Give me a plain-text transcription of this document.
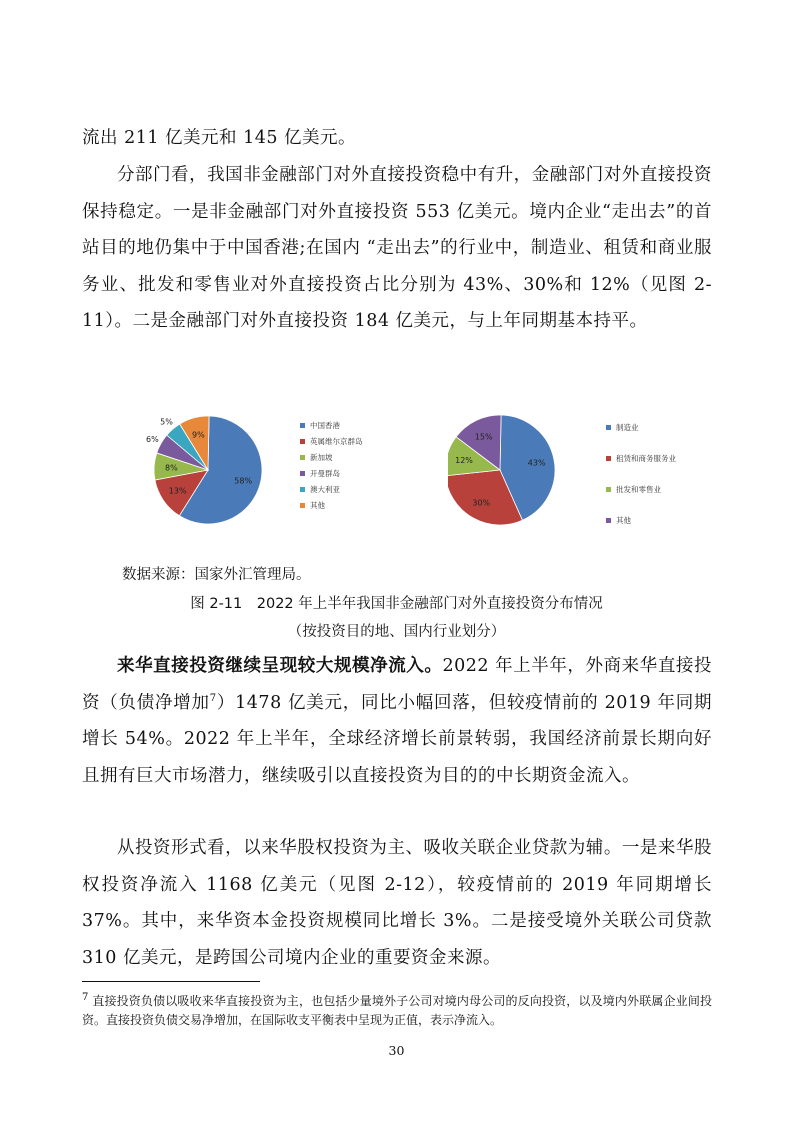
流出 211 亿美元和 145 亿美元。

分部门看，我国非金融部门对外直接投资稳中有升，金融部门对外直接投资保持稳定。一是非金融部门对外直接投资 553 亿美元。境内企业“走出去”的首站目的地仍集中于中国香港;在国内 “走出去”的行业中，制造业、租赁和商业服务业、批发和零售业对外直接投资占比分别为 43%、30%和 12%（见图 2-11）。二是金融部门对外直接投资 184 亿美元，与上年同期基本持平。

58%
13%
8%
6%
5%
9%
中国香港
英属维尔京群岛
新加坡
开曼群岛
澳大利亚
其他
43%
30%
12%
15%
制造业
租赁和商务服务业
批发和零售业
其他

数据来源：国家外汇管理局。

图 2-11　2022 年上半年我国非金融部门对外直接投资分布情况

（按投资目的地、国内行业划分）

来华直接投资继续呈现较大规模净流入。2022 年上半年，外商来华直接投资（负债净增加$^7$）1478 亿美元，同比小幅回落，但较疫情前的 2019 年同期增长 54%。2022 年上半年，全球经济增长前景转弱，我国经济前景长期向好且拥有巨大市场潜力，继续吸引以直接投资为目的的中长期资金流入。

从投资形式看，以来华股权投资为主、吸收关联企业贷款为辅。一是来华股权投资净流入 1168 亿美元（见图 2-12），较疫情前的 2019 年同期增长 37%。其中，来华资本金投资规模同比增长 3%。二是接受境外关联公司贷款 310 亿美元，是跨国公司境内企业的重要资金来源。

$^7$ 直接投资负债以吸收来华直接投资为主，也包括少量境外子公司对境内母公司的反向投资，以及境内外联属企业间投资。直接投资负债交易净增加，在国际收支平衡表中呈现为正值，表示净流入。

30
